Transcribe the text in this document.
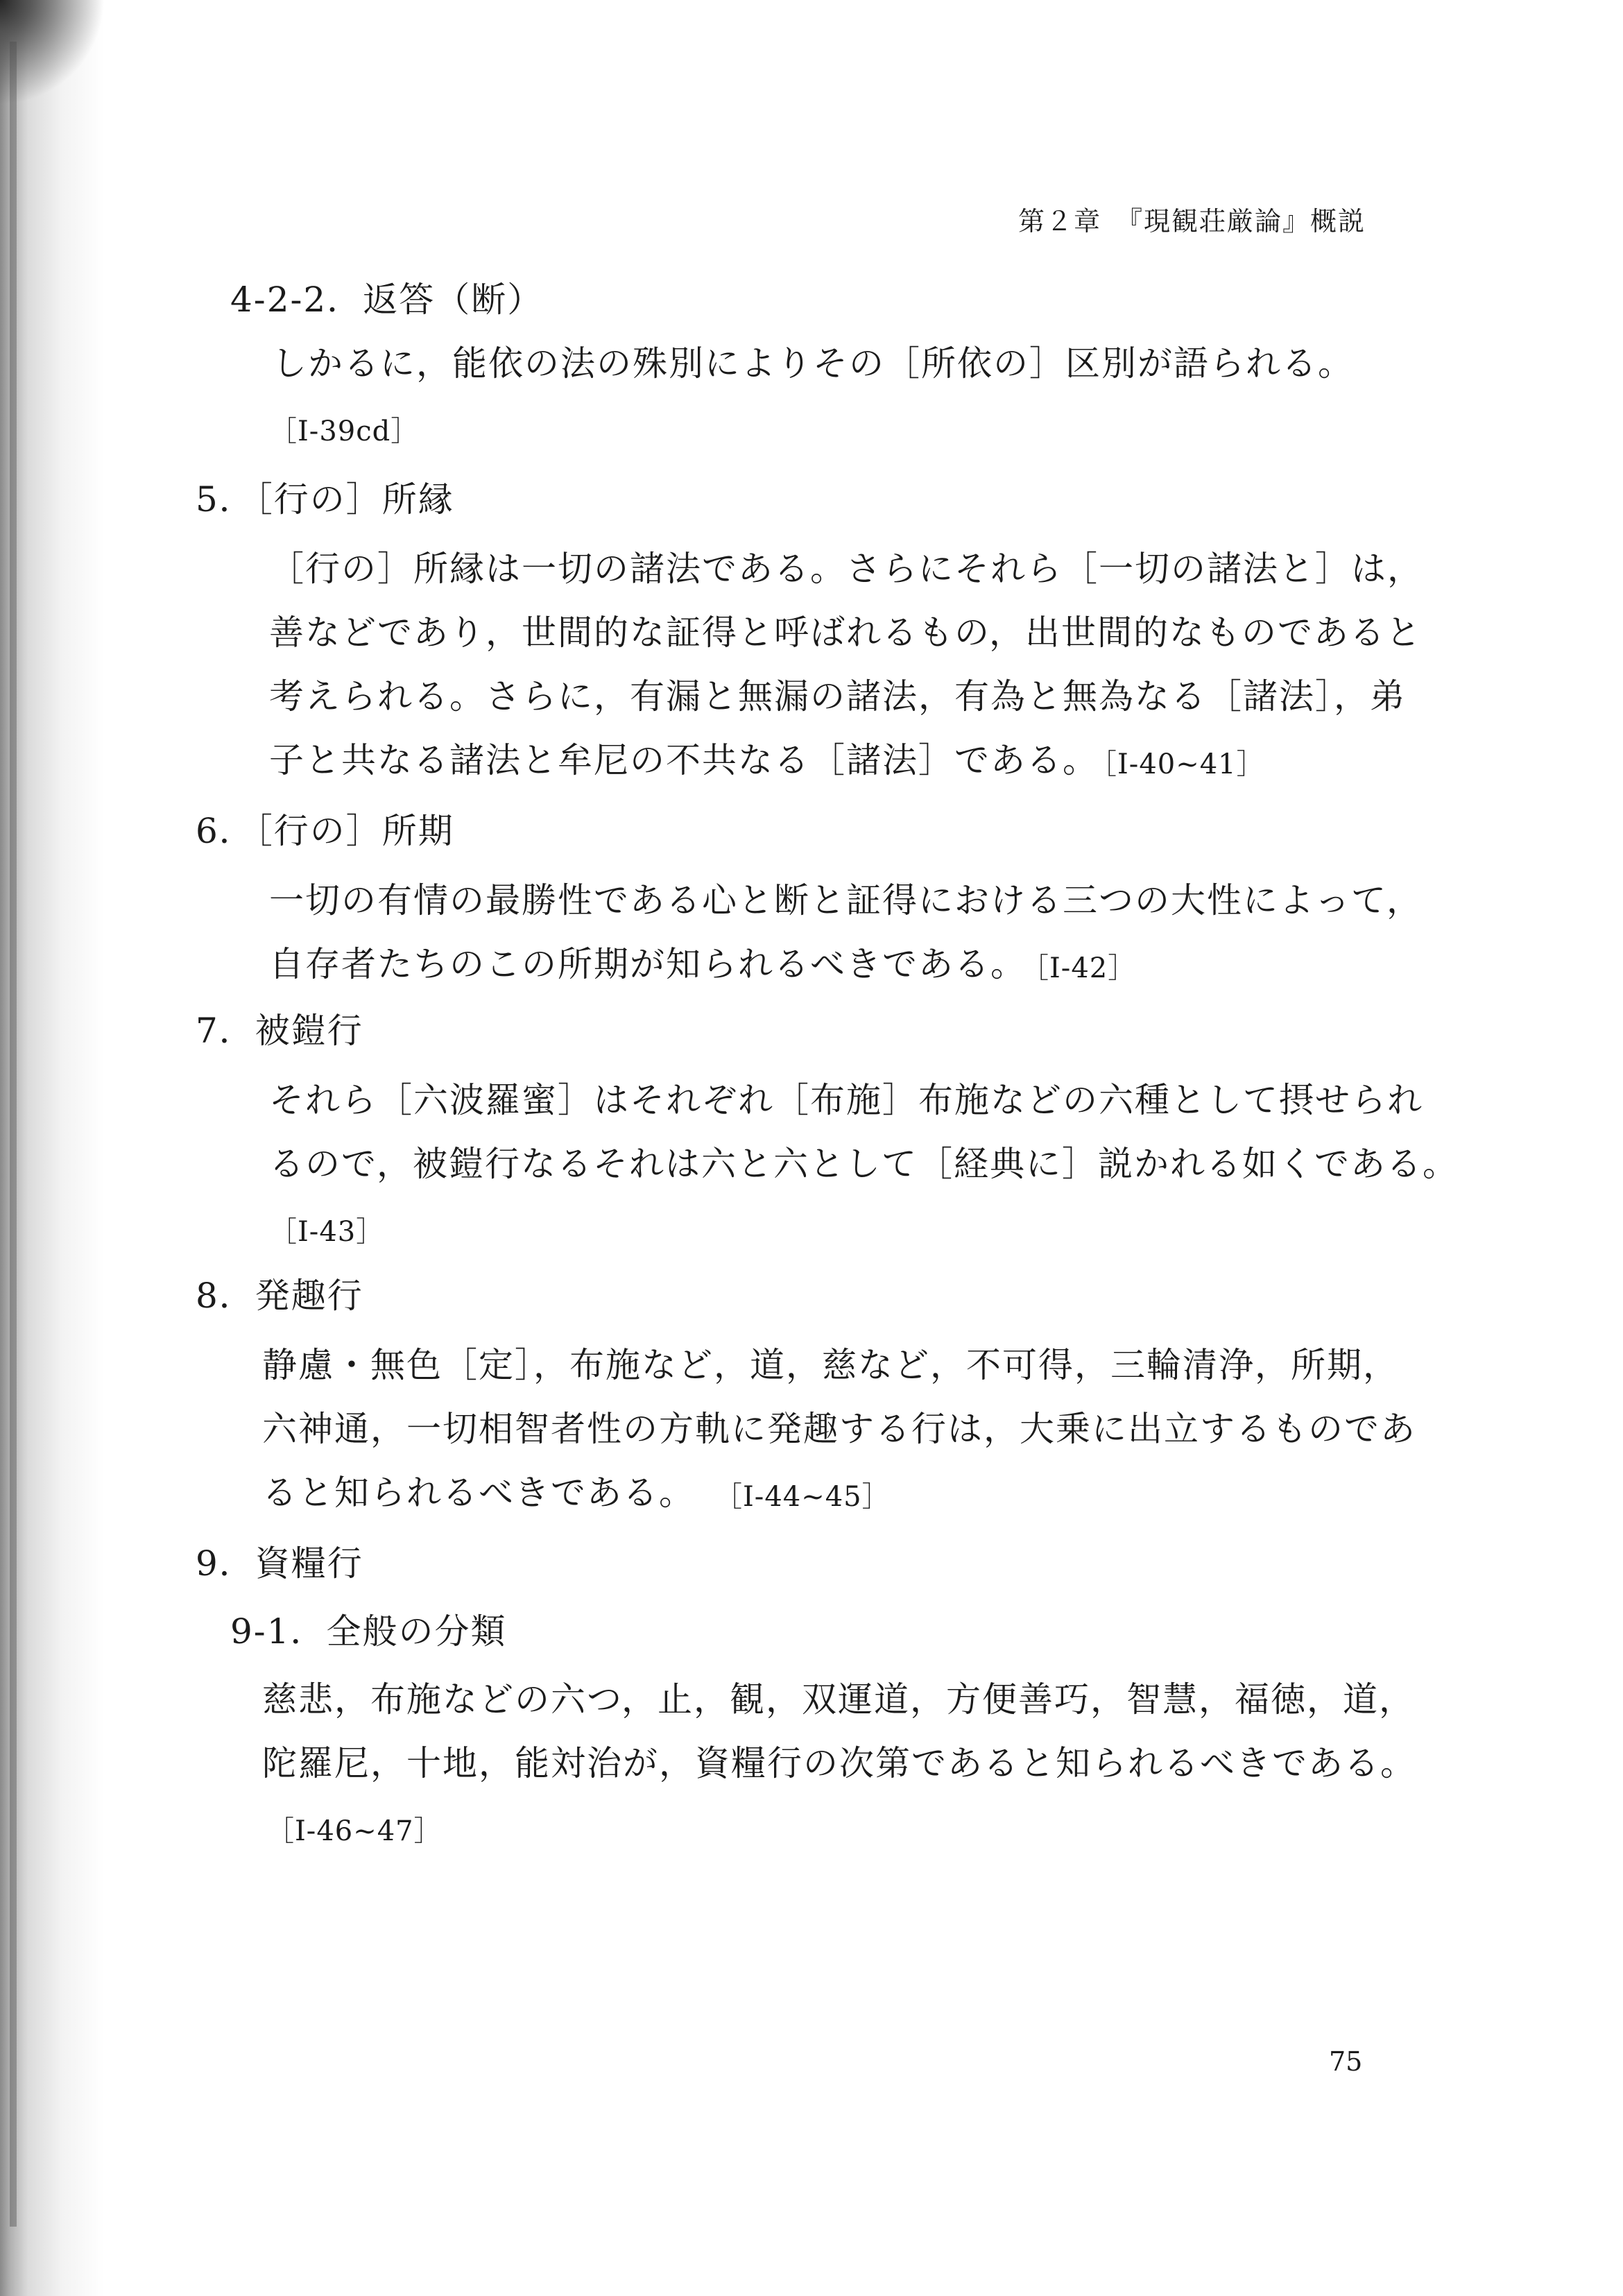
第２章　『現観荘厳論』概説
4-2-2．返答（断）
しかるに，能依の法の殊別によりその［所依の］区別が語られる。
［I-39cd］
5．［行の］所縁
［行の］所縁は一切の諸法である。さらにそれら［一切の諸法と］は，
善などであり，世間的な証得と呼ばれるもの，出世間的なものであると
考えられる。さらに，有漏と無漏の諸法，有為と無為なる［諸法］，弟
子と共なる諸法と牟尼の不共なる［諸法］である。
［I-40~41］
6．［行の］所期
一切の有情の最勝性である心と断と証得における三つの大性によって，
自存者たちのこの所期が知られるべきである。
［I-42］
7．被鎧行
それら［六波羅蜜］はそれぞれ［布施］布施などの六種として摂せられ
るので，被鎧行なるそれは六と六として［経典に］説かれる如くである。
［I-43］
8．発趣行
静慮・無色［定］，布施など，道，慈など，不可得，三輪清浄，所期，
六神通，一切相智者性の方軌に発趣する行は，大乗に出立するものであ
ると知られるべきである。 ［I-44~45］
9．資糧行
9-1．全般の分類
慈悲，布施などの六つ，止，観，双運道，方便善巧，智慧，福徳，道，
陀羅尼，十地，能対治が，資糧行の次第であると知られるべきである。
［I-46~47］
75
